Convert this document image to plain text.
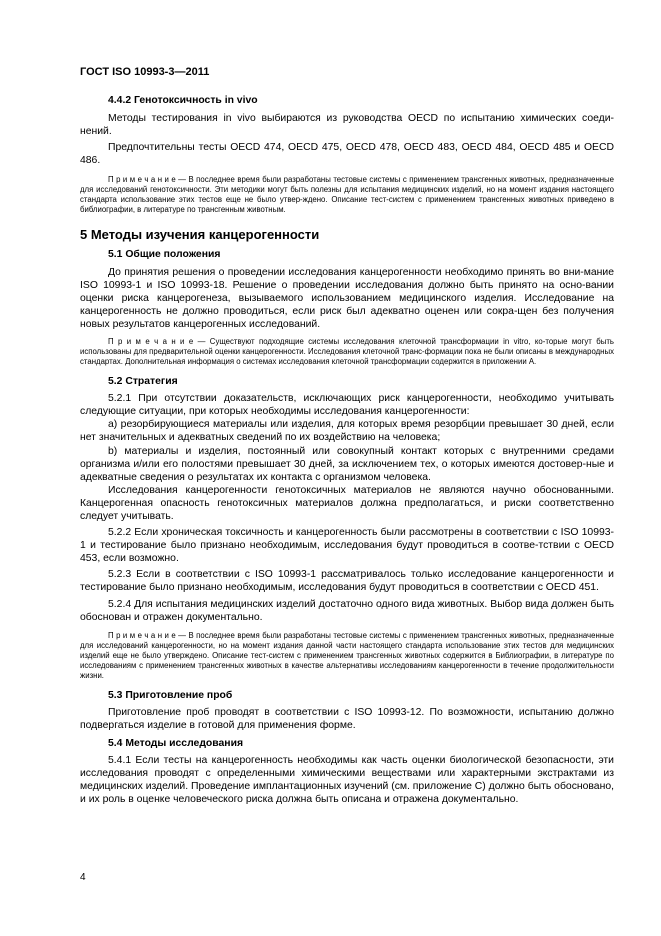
ГОСТ ISO 10993-3—2011
4.4.2 Генотоксичность in vivo

Методы тестирования in vivo выбираются из руководства OECD по испытанию химических соеди-нений.

Предпочтительны тесты OECD 474, OECD 475, OECD 478, OECD 483, OECD 484, OECD 485 и OECD 486.

П р и м е ч а н и е — В последнее время были разработаны тестовые системы с применением трансгенных животных, предназначенные для исследований генотоксичности. Эти методики могут быть полезны для испытания медицинских изделий, но на момент издания настоящего стандарта использование этих тестов еще не было утвер-ждено. Описание тест-систем с применением трансгенных животных приведено в библиографии, в литературе по трансгенным животным.

5 Методы изучения канцерогенности
5.1 Общие положения

До принятия решения о проведении исследования канцерогенности необходимо принять во вни-мание ISO 10993-1 и ISO 10993-18. Решение о проведении исследования должно быть принято на осно-вании оценки риска канцерогенеза, вызываемого использованием медицинского изделия. Исследование на канцерогенность не должно проводиться, если риск был адекватно оценен или сокра-щен без получения новых результатов канцерогенных исследований.

П р и м е ч а н и е — Существуют подходящие системы исследования клеточной трансформации in vitro, ко-торые могут быть использованы для предварительной оценки канцерогенности. Исследования клеточной транс-формации пока не были описаны в международных стандартах. Дополнительная информация о системах исследования клеточной трансформации содержится в приложении А.

5.2 Стратегия

5.2.1 При отсутствии доказательств, исключающих риск канцерогенности, необходимо учитывать следующие ситуации, при которых необходимы исследования канцерогенности:

а) резорбирующиеся материалы или изделия, для которых время резорбции превышает 30 дней, если нет значительных и адекватных сведений по их воздействию на человека;

b) материалы и изделия, постоянный или совокупный контакт которых с внутренними средами организма и/или его полостями превышает 30 дней, за исключением тех, о которых имеются достовер-ные и адекватные сведения о результатах их контакта с организмом человека.

Исследования канцерогенности генотоксичных материалов не являются научно обоснованными. Канцерогенная опасность генотоксичных материалов должна предполагаться, и риски соответственно следует учитывать.

5.2.2 Если хроническая токсичность и канцерогенность были рассмотрены в соответствии с ISO 10993-1 и тестирование было признано необходимым, исследования будут проводиться в соотве-тствии с OECD 453, если возможно.

5.2.3 Если в соответствии с ISO 10993-1 рассматривалось только исследование канцерогенности и тестирование было признано необходимым, исследования будут проводиться в соответствии с OECD 451.

5.2.4 Для испытания медицинских изделий достаточно одного вида животных. Выбор вида должен быть обоснован и отражен документально.

П р и м е ч а н и е — В последнее время были разработаны тестовые системы с применением трансгенных животных, предназначенные для исследований канцерогенности, но на момент издания данной части настоящего стандарта использование этих тестов для медицинских изделий еще не было утверждено. Описание тест-систем с применением трансгенных животных содержится в Библиографии, в литературе по исследованиям с применением трансгенных животных в качестве альтернативы исследованиям канцерогенности в течение продолжительности жизни.

5.3 Приготовление проб

Приготовление проб проводят в соответствии с ISO 10993-12. По возможности, испытанию должно подвергаться изделие в готовой для применения форме.

5.4 Методы исследования

5.4.1 Если тесты на канцерогенность необходимы как часть оценки биологической безопасности, эти исследования проводят с определенными химическими веществами или характерными экстрактами из медицинских изделий. Проведение имплантационных изучений (см. приложение С) должно быть обосновано, и их роль в оценке человеческого риска должна быть описана и отражена документально.

4
